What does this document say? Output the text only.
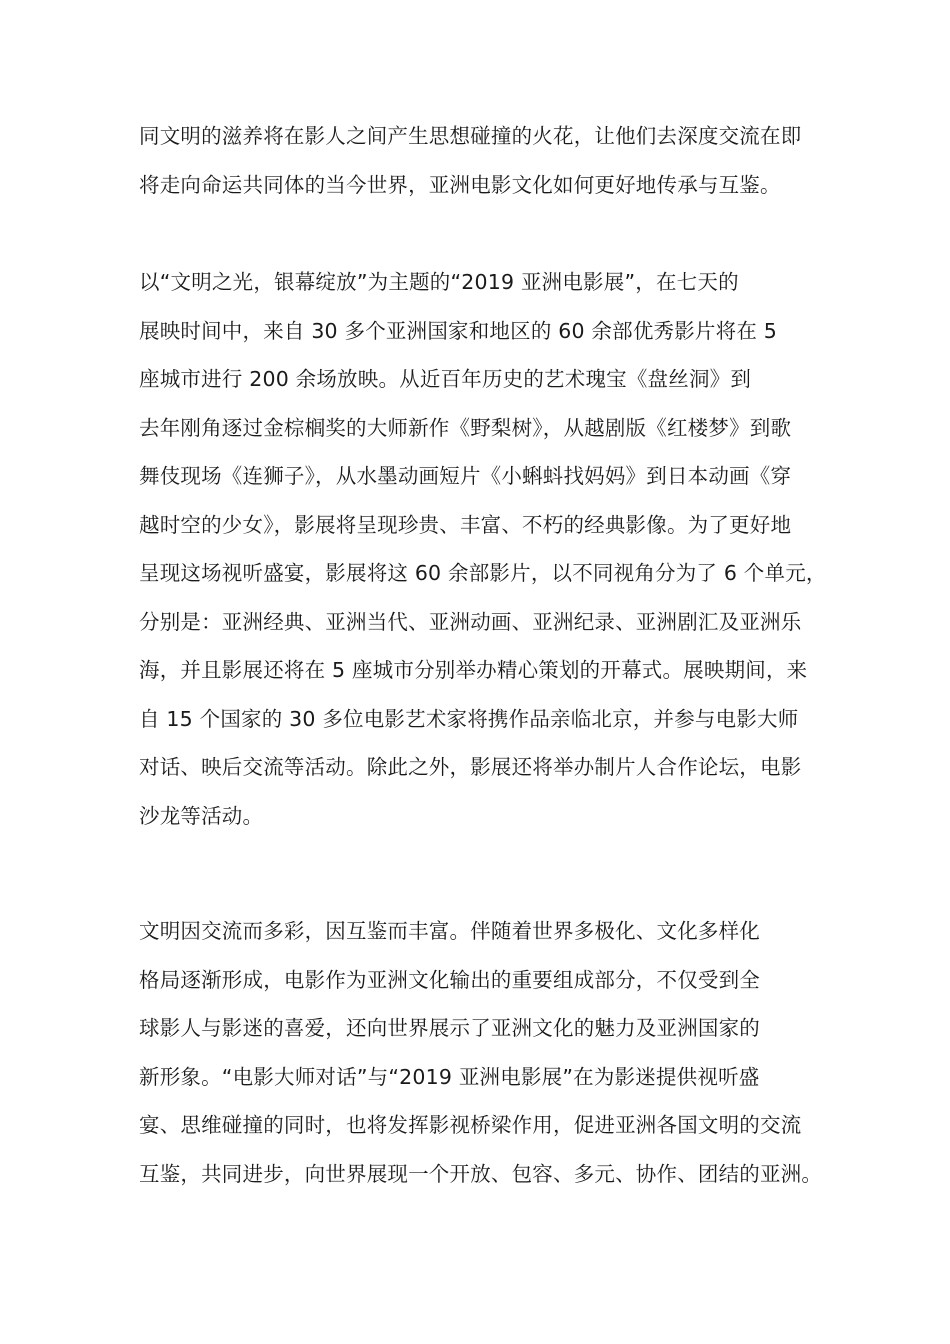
同文明的滋养将在影人之间产生思想碰撞的火花，让他们去深度交流在即
将走向命运共同体的当今世界，亚洲电影文化如何更好地传承与互鉴。
以“文明之光，银幕绽放”为主题的“2019 亚洲电影展”，在七天的
展映时间中，来自 30 多个亚洲国家和地区的 60 余部优秀影片将在 5
座城市进行 200 余场放映。从近百年历史的艺术瑰宝《盘丝洞》到
去年刚角逐过金棕榈奖的大师新作《野梨树》，从越剧版《红楼梦》到歌
舞伎现场《连狮子》，从水墨动画短片《小蝌蚪找妈妈》到日本动画《穿
越时空的少女》，影展将呈现珍贵、丰富、不朽的经典影像。为了更好地
呈现这场视听盛宴，影展将这 60 余部影片，以不同视角分为了 6 个单元，
分别是：亚洲经典、亚洲当代、亚洲动画、亚洲纪录、亚洲剧汇及亚洲乐
海，并且影展还将在 5 座城市分别举办精心策划的开幕式。展映期间，来
自 15 个国家的 30 多位电影艺术家将携作品亲临北京，并参与电影大师
对话、映后交流等活动。除此之外，影展还将举办制片人合作论坛，电影
沙龙等活动。
文明因交流而多彩，因互鉴而丰富。伴随着世界多极化、文化多样化
格局逐渐形成，电影作为亚洲文化输出的重要组成部分，不仅受到全
球影人与影迷的喜爱，还向世界展示了亚洲文化的魅力及亚洲国家的
新形象。“电影大师对话”与“2019 亚洲电影展”在为影迷提供视听盛
宴、思维碰撞的同时，也将发挥影视桥梁作用，促进亚洲各国文明的交流
互鉴，共同进步，向世界展现一个开放、包容、多元、协作、团结的亚洲。
